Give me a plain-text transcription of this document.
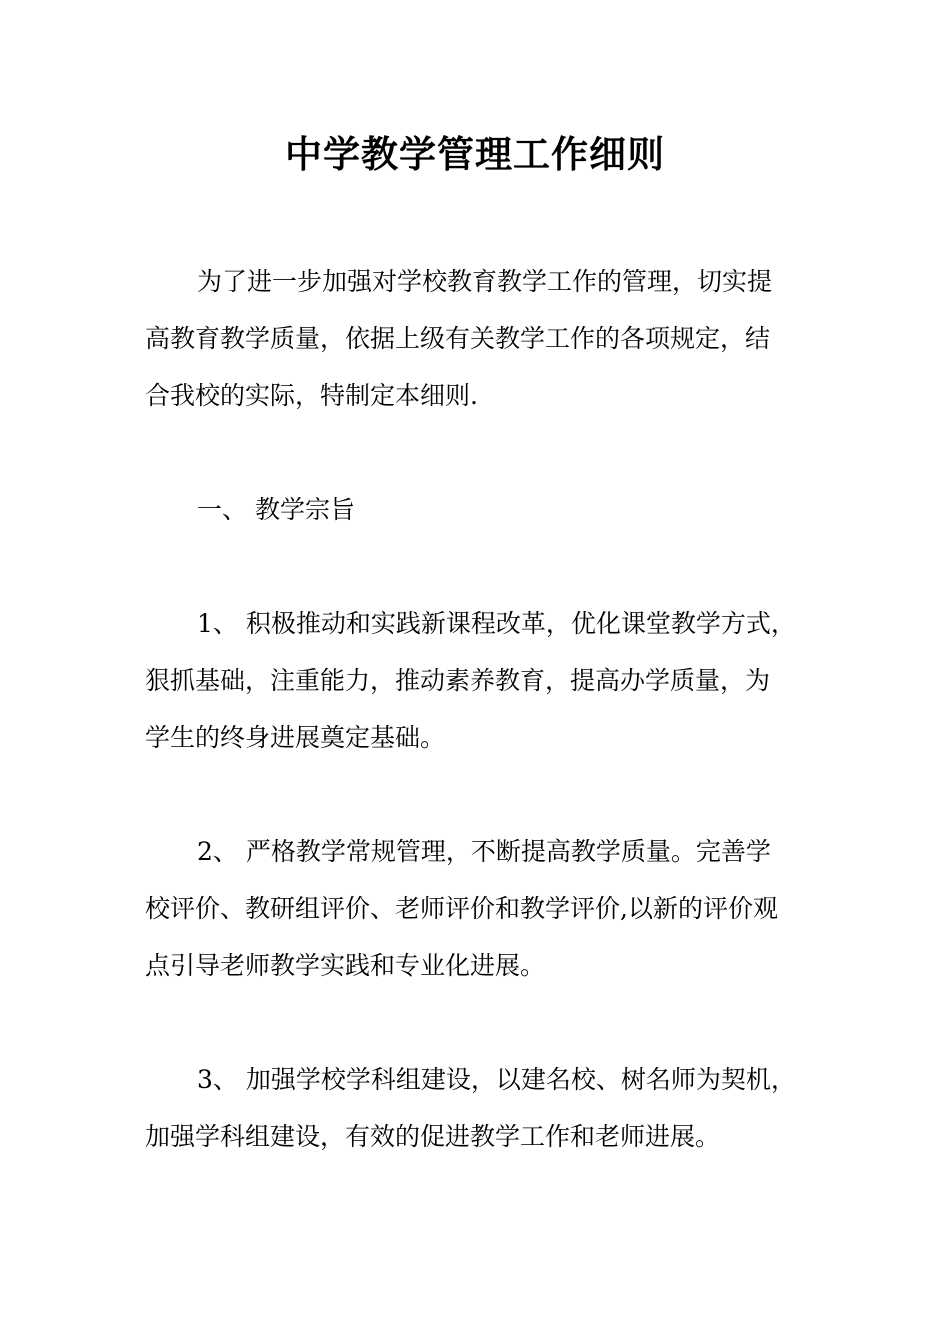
中学教学管理工作细则

为了进一步加强对学校教育教学工作的管理，切实提

高教育教学质量，依据上级有关教学工作的各项规定，结

合我校的实际，特制定本细则.

一、 教学宗旨

1、 积极推动和实践新课程改革，优化课堂教学方式，

狠抓基础，注重能力，推动素养教育，提高办学质量，为

学生的终身进展奠定基础。

2、 严格教学常规管理，不断提高教学质量。完善学

校评价、教研组评价、老师评价和教学评价,以新的评价观

点引导老师教学实践和专业化进展。

3、 加强学校学科组建设，以建名校、树名师为契机，

加强学科组建设，有效的促进教学工作和老师进展。
